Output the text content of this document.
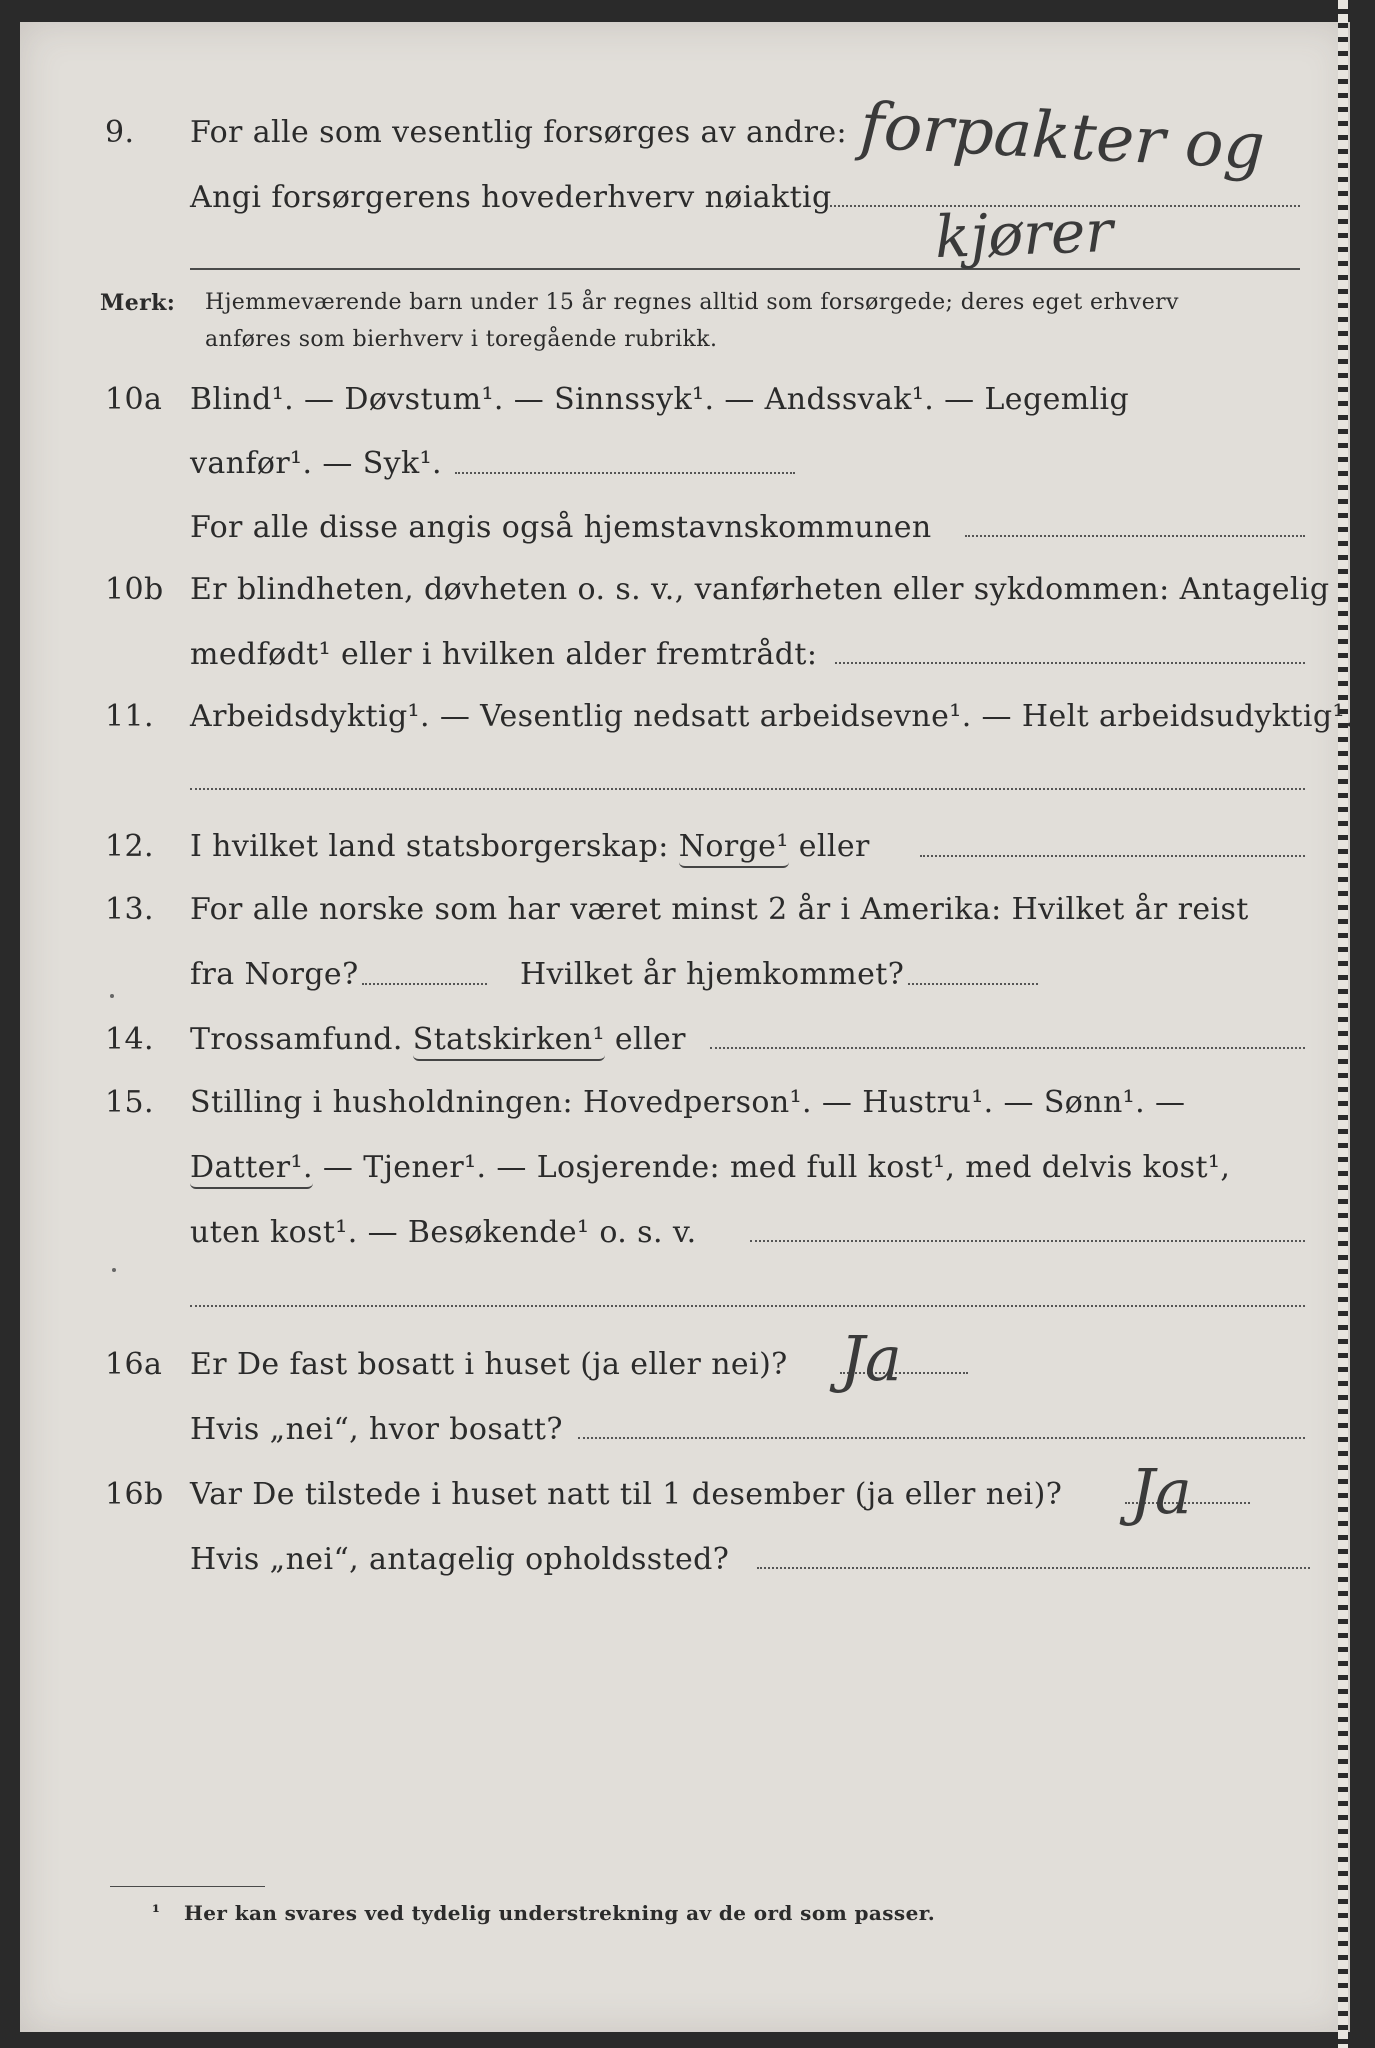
9. For alle som vesentlig forsørges av andre:
Angi forsørgerens hovederhverv nøiaktig
forpakter og
kjører
Merk: Hjemmeværende barn under 15 år regnes alltid som forsørgede; deres eget erhverv
anføres som bierhverv i toregående rubrikk.
10a Blind¹. — Døvstum¹. — Sinnssyk¹. — Andssvak¹. — Legemlig
vanfør¹. — Syk¹.
For alle disse angis også hjemstavnskommunen
10b Er blindheten, døvheten o. s. v., vanførheten eller sykdommen: Antagelig
medfødt¹ eller i hvilken alder fremtrådt:
11. Arbeidsdyktig¹. — Vesentlig nedsatt arbeidsevne¹. — Helt arbeidsudyktig¹.
12. I hvilket land statsborgerskap: Norge¹ eller
13. For alle norske som har været minst 2 år i Amerika: Hvilket år reist
fra Norge?	Hvilket år hjemkommet?
14. Trossamfund. Statskirken¹ eller
15. Stilling i husholdningen: Hovedperson¹. — Hustru¹. — Sønn¹. —
Datter¹. — Tjener¹. — Losjerende: med full kost¹, med delvis kost¹,
uten kost¹. — Besøkende¹ o. s. v.
16a Er De fast bosatt i huset (ja eller nei)? Ja
Hvis „nei“, hvor bosatt?
16b Var De tilstede i huset natt til 1 desember (ja eller nei)? Ja
Hvis „nei“, antagelig opholdssted?
¹ Her kan svares ved tydelig understrekning av de ord som passer.
